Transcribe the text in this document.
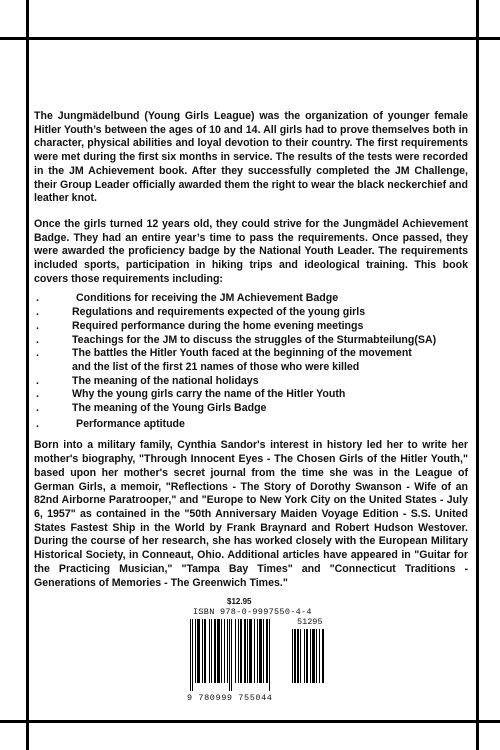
The Jungmädelbund (Young Girls League) was the organization of younger female Hitler Youth’s between the ages of 10 and 14. All girls had to prove themselves both in character, physical abilities and loyal devotion to their country. The first requirements were met during the first six months in service. The results of the tests were recorded in the JM Achievement book. After they successfully completed the JM Challenge, their Group Leader officially awarded them the right to wear the black neckerchief and leather knot.

Once the girls turned 12 years old, they could strive for the Jungmädel Achievement Badge. They had an entire year’s time to pass the requirements. Once passed, they were awarded the proficiency badge by the National Youth Leader. The requirements included sports, participation in hiking trips and ideological training. This book covers those requirements including:

.	Conditions for receiving the JM Achievement Badge
.	Regulations and requirements expected of the young girls
.	Required performance during the home evening meetings
.	Teachings for the JM to discuss the struggles of the Sturmabteilung(SA)
.	The battles the Hitler Youth faced at the beginning of the movement
and the list of the first 21 names of those who were killed
.	The meaning of the national holidays
.	Why the young girls carry the name of the Hitler Youth
.	The meaning of the Young Girls Badge
.	Performance aptitude

Born into a military family, Cynthia Sandor's interest in history led her to write her mother's biography, "Through Innocent Eyes - The Chosen Girls of the Hitler Youth," based upon her mother's secret journal from the time she was in the League of German Girls, a memoir, "Reflections - The Story of Dorothy Swanson - Wife of an 82nd Airborne Paratrooper," and "Europe to New York City on the United States - July 6, 1957" as contained in the "50th Anniversary Maiden Voyage Edition - S.S. United States Fastest Ship in the World by Frank Braynard and Robert Hudson Westover. During the course of her research, she has worked closely with the European Military Historical Society, in Conneaut, Ohio. Additional articles have appeared in "Guitar for the Practicing Musician," "Tampa Bay Times" and "Connecticut Traditions - Generations of Memories - The Greenwich Times."

$12.95
ISBN 978-0-9997550-4-4
51295
9 780999 755044
